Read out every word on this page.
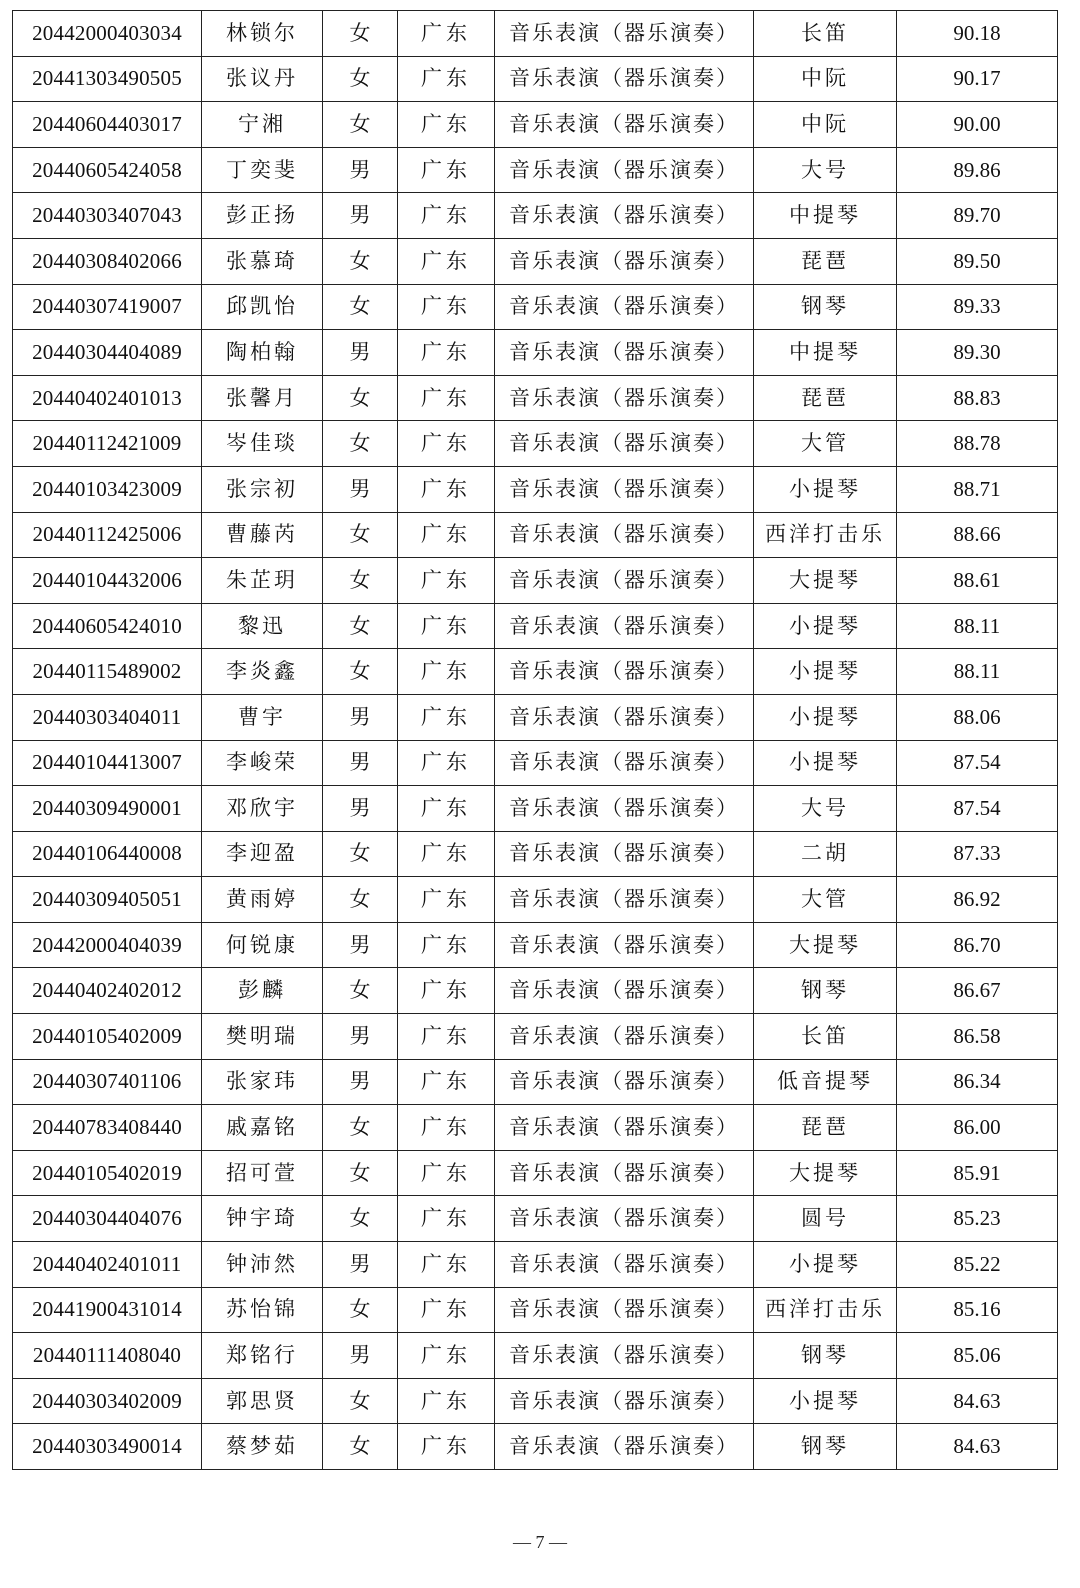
20442000403034	林锁尔	女	广东	音乐表演（器乐演奏）	长笛	90.18
20441303490505	张议丹	女	广东	音乐表演（器乐演奏）	中阮	90.17
20440604403017	宁湘	女	广东	音乐表演（器乐演奏）	中阮	90.00
20440605424058	丁奕斐	男	广东	音乐表演（器乐演奏）	大号	89.86
20440303407043	彭正扬	男	广东	音乐表演（器乐演奏）	中提琴	89.70
20440308402066	张慕琦	女	广东	音乐表演（器乐演奏）	琵琶	89.50
20440307419007	邱凯怡	女	广东	音乐表演（器乐演奏）	钢琴	89.33
20440304404089	陶柏翰	男	广东	音乐表演（器乐演奏）	中提琴	89.30
20440402401013	张馨月	女	广东	音乐表演（器乐演奏）	琵琶	88.83
20440112421009	岑佳琰	女	广东	音乐表演（器乐演奏）	大管	88.78
20440103423009	张宗初	男	广东	音乐表演（器乐演奏）	小提琴	88.71
20440112425006	曹藤芮	女	广东	音乐表演（器乐演奏）	西洋打击乐	88.66
20440104432006	朱芷玥	女	广东	音乐表演（器乐演奏）	大提琴	88.61
20440605424010	黎迅	女	广东	音乐表演（器乐演奏）	小提琴	88.11
20440115489002	李炎鑫	女	广东	音乐表演（器乐演奏）	小提琴	88.11
20440303404011	曹宇	男	广东	音乐表演（器乐演奏）	小提琴	88.06
20440104413007	李峻荣	男	广东	音乐表演（器乐演奏）	小提琴	87.54
20440309490001	邓欣宇	男	广东	音乐表演（器乐演奏）	大号	87.54
20440106440008	李迎盈	女	广东	音乐表演（器乐演奏）	二胡	87.33
20440309405051	黄雨婷	女	广东	音乐表演（器乐演奏）	大管	86.92
20442000404039	何锐康	男	广东	音乐表演（器乐演奏）	大提琴	86.70
20440402402012	彭麟	女	广东	音乐表演（器乐演奏）	钢琴	86.67
20440105402009	樊明瑞	男	广东	音乐表演（器乐演奏）	长笛	86.58
20440307401106	张家玮	男	广东	音乐表演（器乐演奏）	低音提琴	86.34
20440783408440	戚嘉铭	女	广东	音乐表演（器乐演奏）	琵琶	86.00
20440105402019	招可萱	女	广东	音乐表演（器乐演奏）	大提琴	85.91
20440304404076	钟宇琦	女	广东	音乐表演（器乐演奏）	圆号	85.23
20440402401011	钟沛然	男	广东	音乐表演（器乐演奏）	小提琴	85.22
20441900431014	苏怡锦	女	广东	音乐表演（器乐演奏）	西洋打击乐	85.16
20440111408040	郑铭行	男	广东	音乐表演（器乐演奏）	钢琴	85.06
20440303402009	郭思贤	女	广东	音乐表演（器乐演奏）	小提琴	84.63
20440303490014	蔡梦茹	女	广东	音乐表演（器乐演奏）	钢琴	84.63
— 7 —
